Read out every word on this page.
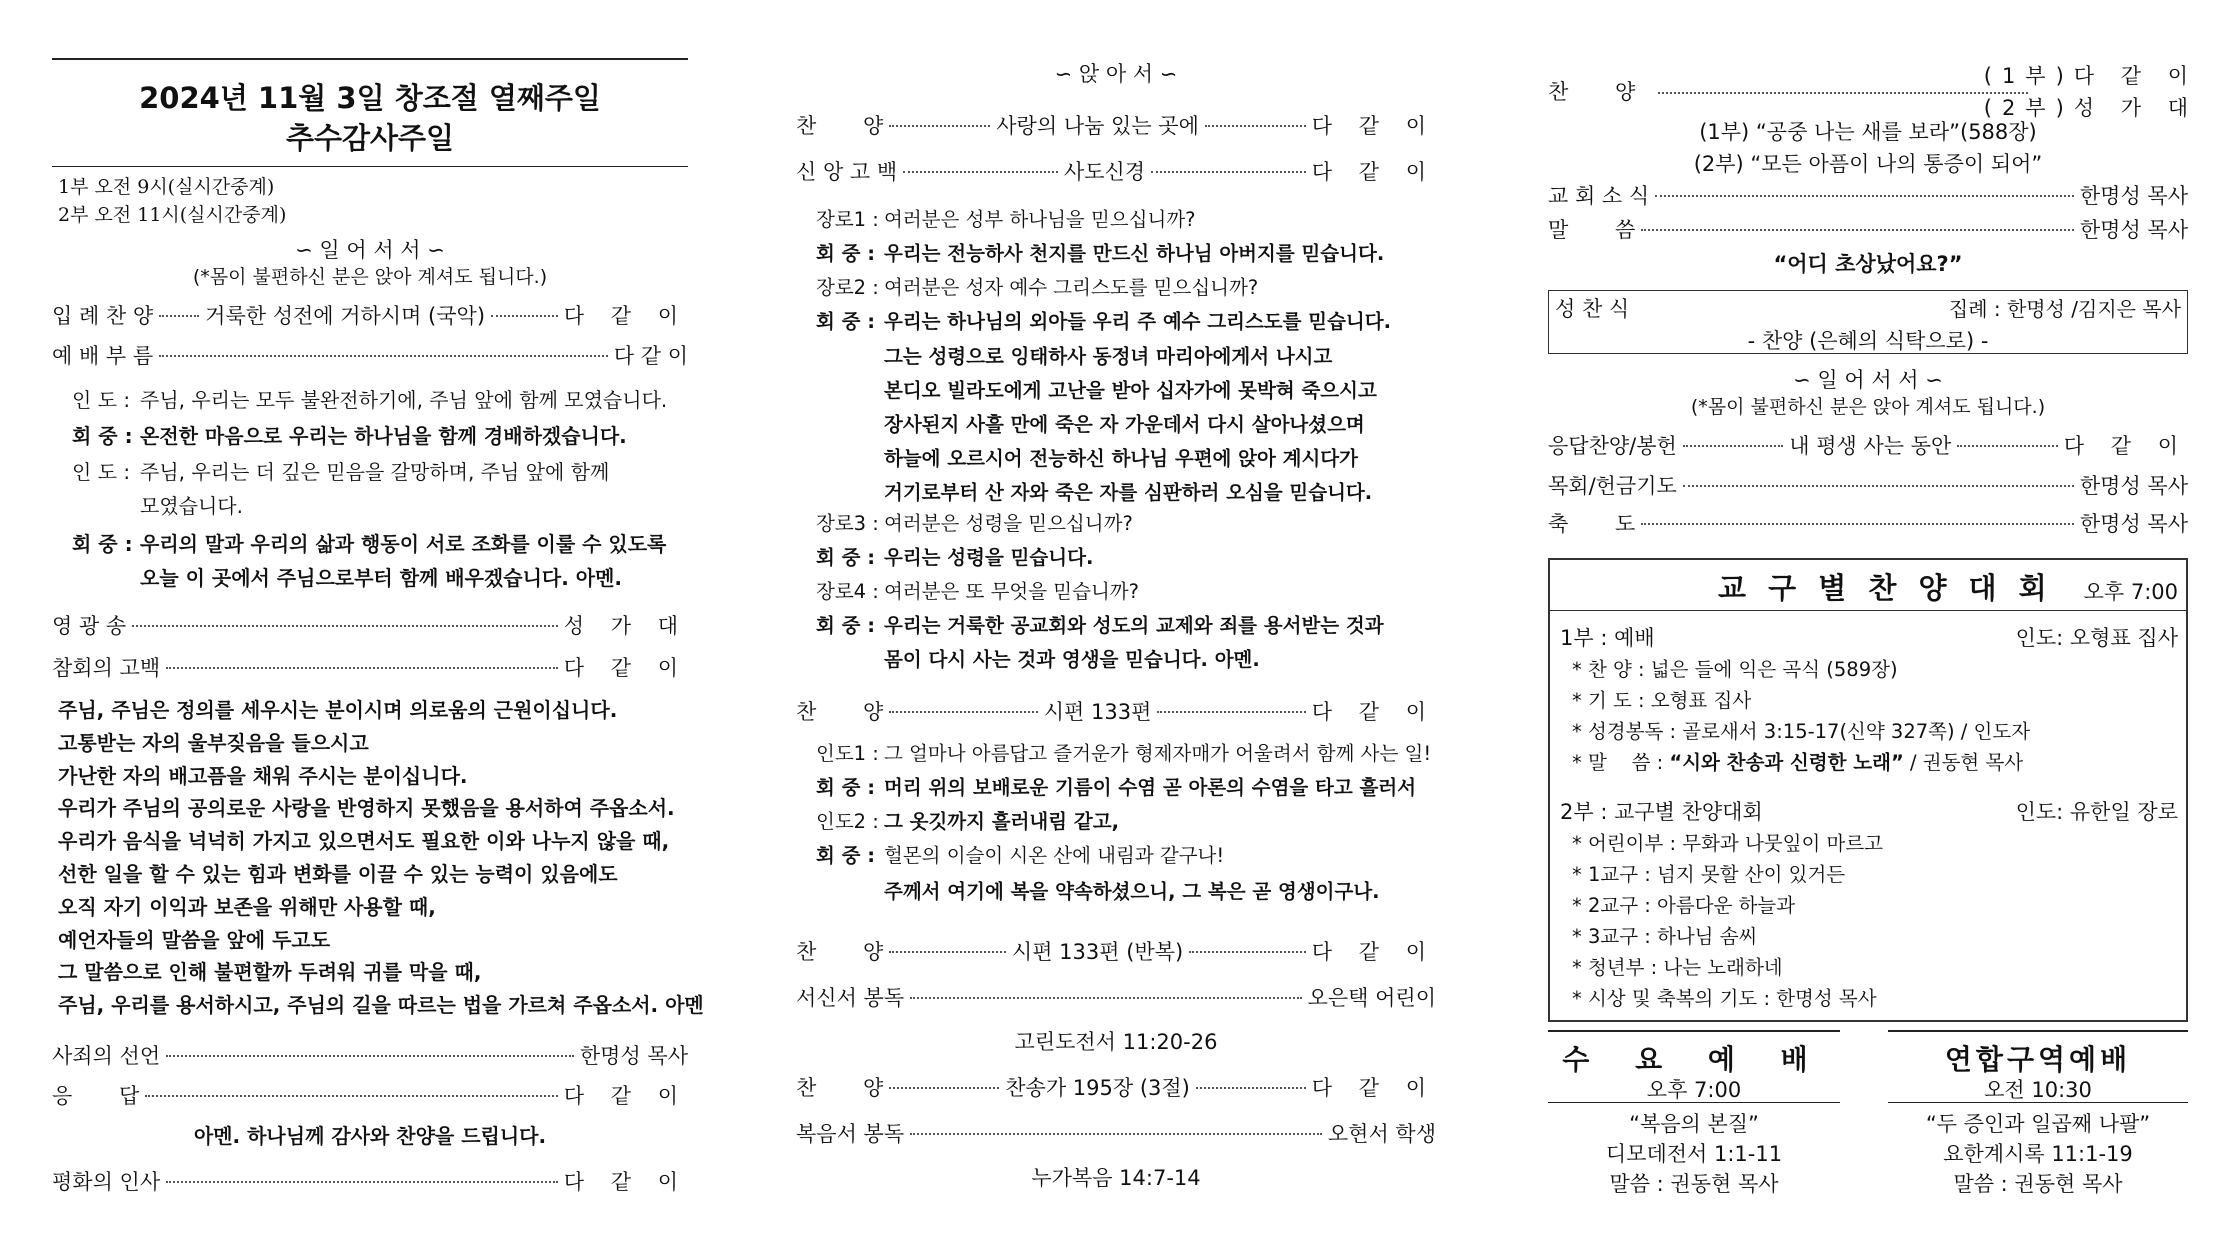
2024년 11월 3일 창조절 열째주일
추수감사주일
1부 오전 9시(실시간중계)
2부 오전 11시(실시간중계)
∽ 일 어 서 서 ∽
(*몸이 불편하신 분은 앉아 계셔도 됩니다.)
입 례 찬 양 거룩한 성전에 거하시며 (국악)	다 같 이
예 배 부 름	다 같 이
인 도 : 주님, 우리는 모두 불완전하기에, 주님 앞에 함께 모였습니다.
회 중 : 온전한 마음으로 우리는 하나님을 함께 경배하겠습니다.
인 도 : 주님, 우리는 더 깊은 믿음을 갈망하며, 주님 앞에 함께
모였습니다.
회 중 : 우리의 말과 우리의 삶과 행동이 서로 조화를 이룰 수 있도록
오늘 이 곳에서 주님으로부터 함께 배우겠습니다. 아멘.
영 광 송	성 가 대
참회의 고백	다 같 이
주님, 주님은 정의를 세우시는 분이시며 의로움의 근원이십니다.
고통받는 자의 울부짖음을 들으시고
가난한 자의 배고픔을 채워 주시는 분이십니다.
우리가 주님의 공의로운 사랑을 반영하지 못했음을 용서하여 주옵소서.
우리가 음식을 넉넉히 가지고 있으면서도 필요한 이와 나누지 않을 때,
선한 일을 할 수 있는 힘과 변화를 이끌 수 있는 능력이 있음에도
오직 자기 이익과 보존을 위해만 사용할 때,
예언자들의 말씀을 앞에 두고도
그 말씀으로 인해 불편할까 두려워 귀를 막을 때,
주님, 우리를 용서하시고, 주님의 길을 따르는 법을 가르쳐 주옵소서. 아멘
사죄의 선언	한명성 목사
응       답	다 같 이
아멘. 하나님께 감사와 찬양을 드립니다.
평화의 인사	다 같 이
∽ 앉 아 서 ∽
찬       양	사랑의 나눔 있는 곳에	다 같 이
신 앙 고 백	사도신경	다 같 이
장로1 : 여러분은 성부 하나님을 믿으십니까?
회 중 : 우리는 전능하사 천지를 만드신 하나님 아버지를 믿습니다.
장로2 : 여러분은 성자 예수 그리스도를 믿으십니까?
회 중 : 우리는 하나님의 외아들 우리 주 예수 그리스도를 믿습니다.
그는 성령으로 잉태하사 동정녀 마리아에게서 나시고
본디오 빌라도에게 고난을 받아 십자가에 못박혀 죽으시고
장사된지 사흘 만에 죽은 자 가운데서 다시 살아나셨으며
하늘에 오르시어 전능하신 하나님 우편에 앉아 계시다가
거기로부터 산 자와 죽은 자를 심판하러 오심을 믿습니다.
장로3 : 여러분은 성령을 믿으십니까?
회 중 : 우리는 성령을 믿습니다.
장로4 : 여러분은 또 무엇을 믿습니까?
회 중 : 우리는 거룩한 공교회와 성도의 교제와 죄를 용서받는 것과
몸이 다시 사는 것과 영생을 믿습니다. 아멘.
찬       양	시편 133편	다 같 이
인도1 : 그 얼마나 아름답고 즐거운가 형제자매가 어울려서 함께 사는 일!
회 중 : 머리 위의 보배로운 기름이 수염 곧 아론의 수염을 타고 흘러서
인도2 : 그 옷깃까지 흘러내림 같고,
회 중 : 헐몬의 이슬이 시온 산에 내림과 같구나!
주께서 여기에 복을 약속하셨으니, 그 복은 곧 영생이구나.
찬       양	시편 133편 (반복)	다 같 이
서신서 봉독	오은택 어린이
고린도전서 11:20-26
찬       양	찬송가 195장 (3절)	다 같 이
복음서 봉독	오현서 학생
누가복음 14:7-14
찬       양
(1부)다 같 이
(2부)성 가 대
(1부) “공중 나는 새를 보라”(588장)
(2부) “모든 아픔이 나의 통증이 되어”
교 회 소 식	한명성 목사
말       씀	한명성 목사
“어디 초상났어요?”
성 찬 식	집례 : 한명성 /김지은 목사
- 찬양 (은혜의 식탁으로) -
∽ 일 어 서 서 ∽
(*몸이 불편하신 분은 앉아 계셔도 됩니다.)
응답찬양/봉헌	내 평생 사는 동안	다 같 이
목회/헌금기도	한명성 목사
축       도	한명성 목사
교 구 별 찬 양 대 회 오후 7:00
1부 : 예배	인도: 오형표 집사
* 찬 양 : 넓은 들에 익은 곡식 (589장)
* 기 도 : 오형표 집사
* 성경봉독 : 골로새서 3:15-17(신약 327쪽) / 인도자
* 말    씀 : “시와 찬송과 신령한 노래” / 권동현 목사
2부 : 교구별 찬양대회	인도: 유한일 장로
* 어린이부 : 무화과 나뭇잎이 마르고
* 1교구 : 넘지 못할 산이 있거든
* 2교구 : 아름다운 하늘과
* 3교구 : 하나님 솜씨
* 청년부 : 나는 노래하네
* 시상 및 축복의 기도 : 한명성 목사
수 요 예 배
오후 7:00
“복음의 본질”
디모데전서 1:1-11
말씀 : 권동현 목사
연합구역예배
오전 10:30
“두 증인과 일곱째 나팔”
요한계시록 11:1-19
말씀 : 권동현 목사
